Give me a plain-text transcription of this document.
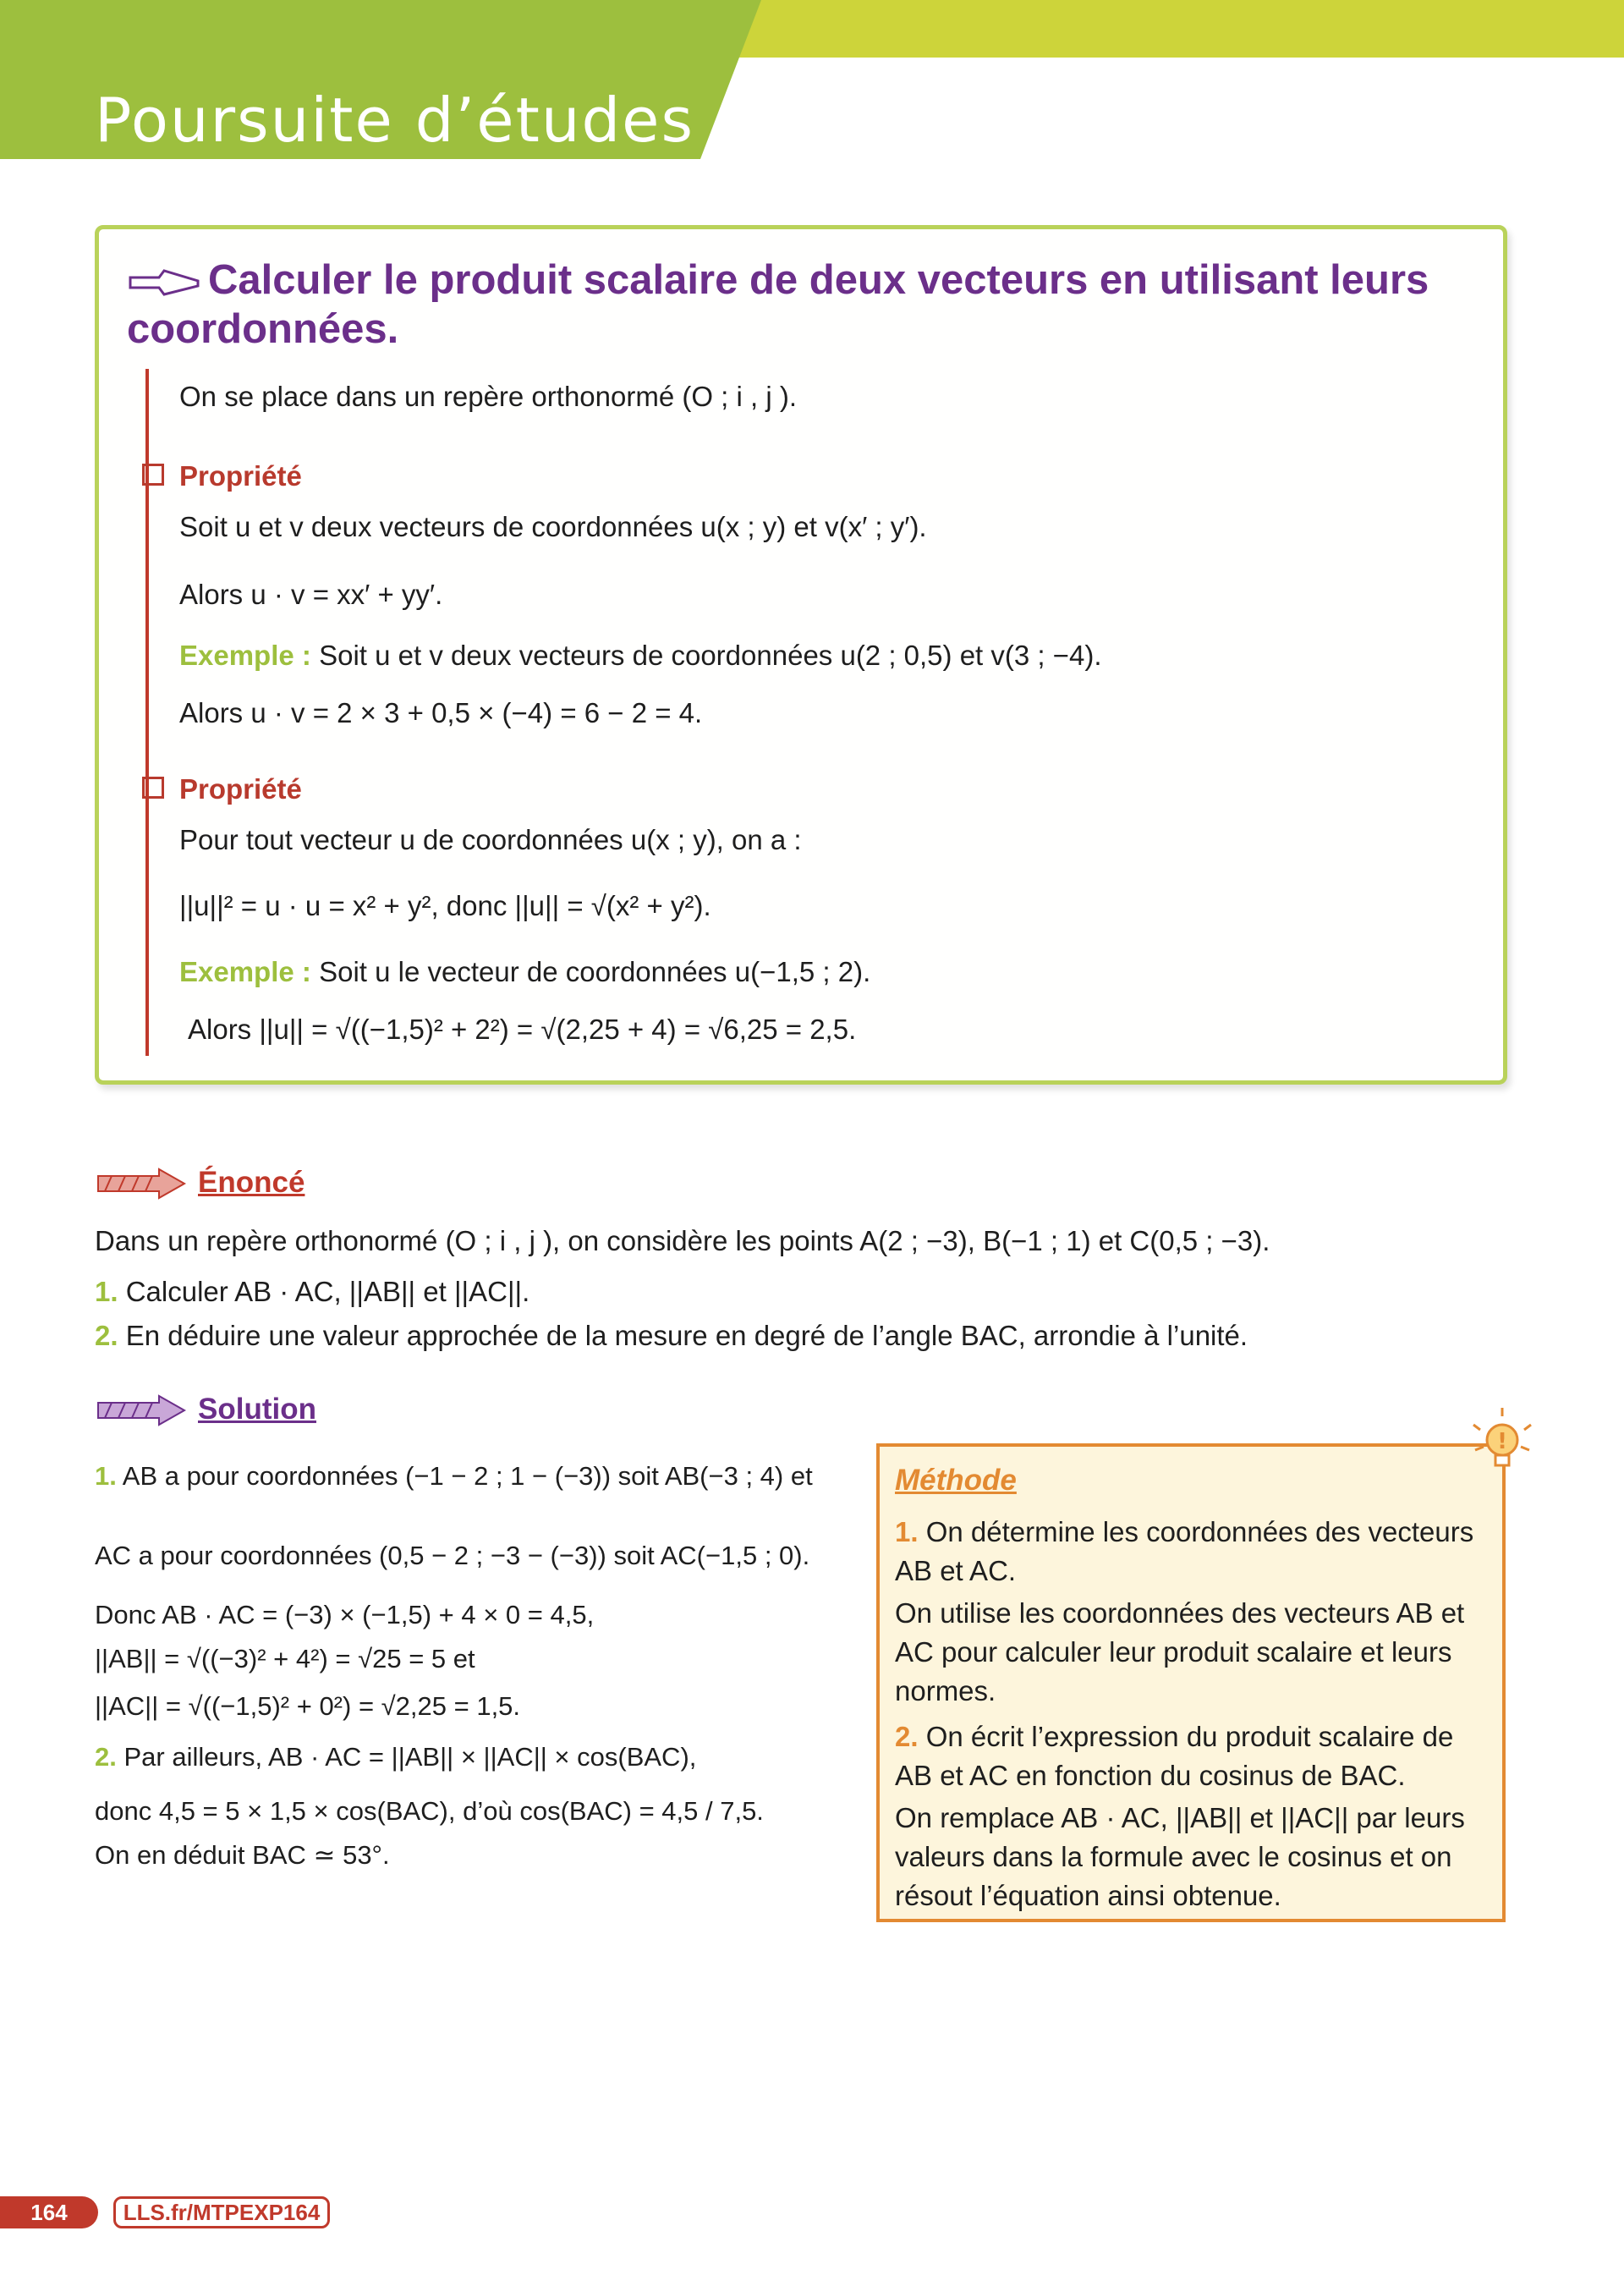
Poursuite d’études
Calculer le produit scalaire de deux vecteurs en utilisant leurs coordonnées.
On se place dans un repère orthonormé (O ; i , j ).
Propriété
Soit u et v deux vecteurs de coordonnées u(x ; y) et v(x′ ; y′).
Alors u · v = xx′ + yy′.
Exemple : Soit u et v deux vecteurs de coordonnées u(2 ; 0,5) et v(3 ; −4).
Alors u · v = 2 × 3 + 0,5 × (−4) = 6 − 2 = 4.
Propriété
Pour tout vecteur u de coordonnées u(x ; y), on a :
||u||² = u · u = x² + y², donc ||u|| = √(x² + y²).
Exemple : Soit u le vecteur de coordonnées u(−1,5 ; 2).
Alors ||u|| = √((−1,5)² + 2²) = √(2,25 + 4) = √6,25 = 2,5.
Énoncé
Dans un repère orthonormé (O ; i , j ), on considère les points A(2 ; −3), B(−1 ; 1) et C(0,5 ; −3).
1. Calculer AB · AC, ||AB|| et ||AC||.
2. En déduire une valeur approchée de la mesure en degré de l’angle BAC, arrondie à l’unité.
Solution
1. AB a pour coordonnées (−1 − 2 ; 1 − (−3)) soit AB(−3 ; 4) et
AC a pour coordonnées (0,5 − 2 ; −3 − (−3)) soit AC(−1,5 ; 0).
Donc AB · AC = (−3) × (−1,5) + 4 × 0 = 4,5,
||AB|| = √((−3)² + 4²) = √25 = 5 et
||AC|| = √((−1,5)² + 0²) = √2,25 = 1,5.
2. Par ailleurs, AB · AC = ||AB|| × ||AC|| × cos(BAC),
donc 4,5 = 5 × 1,5 × cos(BAC), d’où cos(BAC) = 4,5 / 7,5.
On en déduit BAC ≃ 53°.
!
Méthode
1. On détermine les coordonnées des vecteurs AB et AC.
On utilise les coordonnées des vecteurs AB et AC pour calculer leur produit scalaire et leurs normes.
2. On écrit l’expression du produit scalaire de AB et AC en fonction du cosinus de BAC.
On remplace AB · AC, ||AB|| et ||AC|| par leurs valeurs dans la formule avec le cosinus et on résout l’équation ainsi obtenue.
164	LLS.fr/MTPEXP164
